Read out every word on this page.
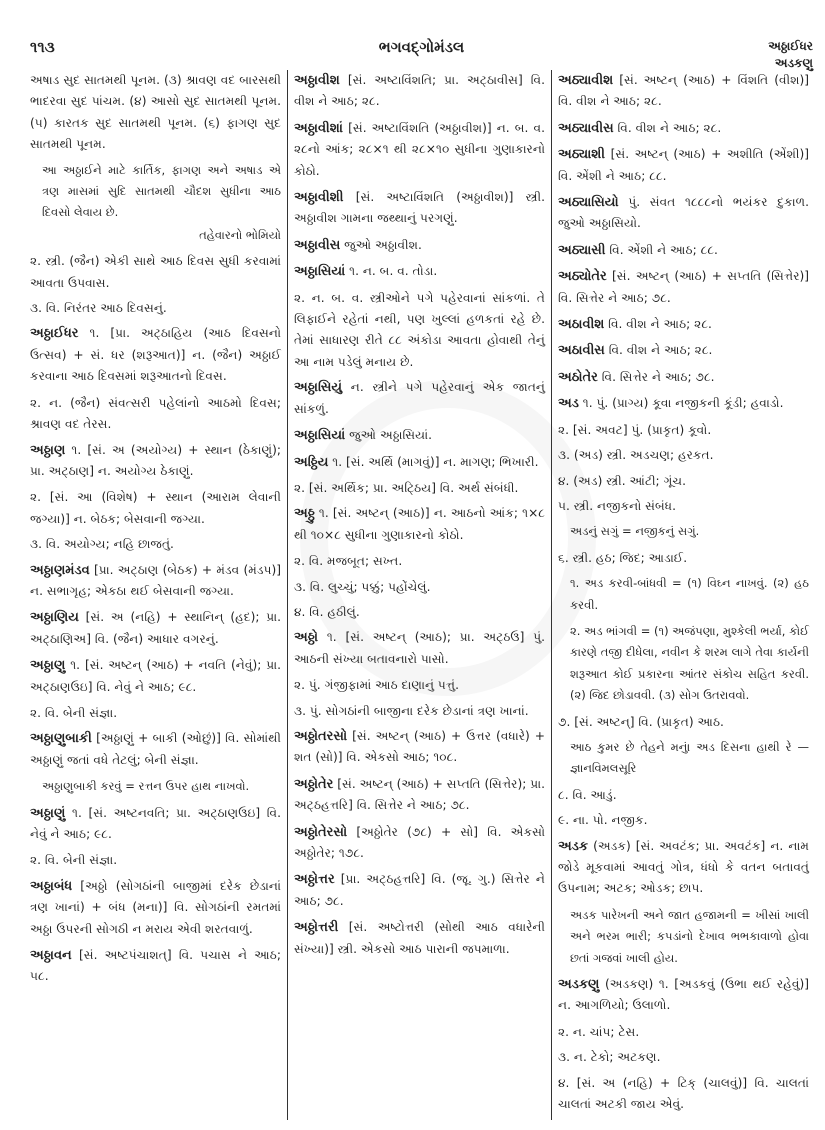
૧૧૩	ભગવદ્ગોમંડલ	અઠ્ઠાઈધર
અડકણુ
અષાડ સુદ સાતમથી પૂનમ. (૩) શ્રાવણ વદ બારસથી ભાદરવા સુદ પાંચમ. (૪) આસો સુદ સાતમથી પૂનમ. (૫) કારતક સુદ સાતમથી પૂનમ. (૬) ફાગણ સુદ સાતમથી પૂનમ.
આ અઠ્ઠાઈને માટે કાર્તિક, ફાગણ અને અષાડ એ ત્રણ માસમાં સુદિ સાતમથી ચૌદશ સુધીના આઠ દિવસો લેવાય છે.
તહેવારનો ભોમિયો
૨. સ્ત્રી. (જૈન) એકી સાથે આઠ દિવસ સુધી કરવામાં આવતા ઉપવાસ.
૩. વિ. નિરંતર આઠ દિવસનું.
અઠ્ઠાઈધર ૧. [પ્રા. અટ્ઠાહિય (આઠ દિવસનો ઉત્સવ) + સં. ધર (શરૂઆત)] ન. (જૈન) અઠ્ઠાઈ કરવાના આઠ દિવસમાં શરૂઆતનો દિવસ.
૨. ન. (જૈન) સંવત્સરી પહેલાંનો આઠમો દિવસ; શ્રાવણ વદ તેરસ.
અઠ્ઠાણ ૧. [સં. અ (અયોગ્ય) + સ્થાન (ઠેકાણું); પ્રા. અટ્ઠાણ] ન. અયોગ્ય ઠેકાણું.
૨. [સં. આ (વિશેષ) + સ્થાન (આરામ લેવાની જગ્યા)] ન. બેઠક; બેસવાની જગ્યા.
૩. વિ. અયોગ્ય; નહિ છાજતું.
અઠ્ઠાણમંડવ [પ્રા. અટ્ઠાણ (બેઠક) + મંડવ (મંડપ)] ન. સભાગૃહ; એકઠા થઈ બેસવાની જગ્યા.
અઠ્ઠાણિય [સં. અ (નહિ) + સ્થાનિન્ (હદ); પ્રા. અટ્ઠાણિઅ] વિ. (જૈન) આધાર વગરનું.
અઠ્ઠાણુ ૧. [સં. અષ્ટન્ (આઠ) + નવતિ (નેવું); પ્રા. અટ્ઠાણઉઇ] વિ. નેવું ને આઠ; ૯૮.
૨. વિ. બેની સંજ્ઞા.
અઠ્ઠાણુબાકી [અઠ્ઠાણું + બાકી (ઓછું)] વિ. સોમાંથી અઠ્ઠાણું જતાં વધે તેટલું; બેની સંજ્ઞા.
અઠ્ઠાણુબાકી કરવું = રત્તન ઉપર હાથ નાખવો.
અઠ્ઠાણું ૧. [સં. અષ્ટનવતિ; પ્રા. અટ્ઠાણઉઇ] વિ. નેવું ને આઠ; ૯૮.
૨. વિ. બેની સંજ્ઞા.
અઠ્ઠાબંધ [અઠ્ઠો (સોગઠાંની બાજીમાં દરેક છેડાનાં ત્રણ ખાનાં) + બંધ (મના)] વિ. સોગઠાંની રમતમાં અઠ્ઠા ઉપરની સોગઠી ન મરાય એવી શરતવાળું.
અઠ્ઠાવન [સં. અષ્ટપંચાશત્] વિ. પચાસ ને આઠ; ૫૮.
અઠ્ઠાવીશ [સં. અષ્ટાવિંશતિ; પ્રા. અટ્ઠાવીસ] વિ. વીશ ને આઠ; ૨૮.
અઠ્ઠાવીશાં [સં. અષ્ટાવિંશતિ (અઠ્ઠાવીશ)] ન. બ. વ. ૨૮નો આંક; ૨૮×૧ થી ૨૮×૧૦ સુધીના ગુણાકારનો કોઠો.
અઠ્ઠાવીશી [સં. અષ્ટાવિંશતિ (અઠ્ઠાવીશ)] સ્ત્રી. અઠ્ઠાવીશ ગામના જથ્થાનું પરગણું.
અઠ્ઠાવીસ જુઓ અઠ્ઠાવીશ.
અઠ્ઠાસિયાં ૧. ન. બ. વ. તોડા.
૨. ન. બ. વ. સ્ત્રીઓને પગે પહેરવાનાં સાંકળાં. તે લિફાઈને રહેતાં નથી, પણ ખુલ્લાં હળકતાં રહે છે. તેમાં સાધારણ રીતે ૮૮ અંકોડા આવતા હોવાથી તેનું આ નામ પડેલું મનાય છે.
અઠ્ઠાસિયું ન. સ્ત્રીને પગે પહેરવાનું એક જાતનું સાંકળું.
અઠ્ઠાસિયાં જુઓ અઠ્ઠાસિયાં.
અઠ્ઠિય ૧. [સં. અર્થિ (માગવું)] ન. માગણ; ભિખારી.
૨. [સં. અર્થિક; પ્રા. અટ્ઠિય] વિ. અર્થ સંબંધી.
અઠ્ઠુ ૧. [સં. અષ્ટન્ (આઠ)] ન. આઠનો આંક; ૧×૮ થી ૧૦×૮ સુધીના ગુણાકારનો કોઠો.
૨. વિ. મજબૂત; સખ્ત.
૩. વિ. લુચ્ચું; પક્કું; પહોંચેલું.
૪. વિ. હઠીલું.
અઠ્ઠો ૧. [સં. અષ્ટન્ (આઠ); પ્રા. અટ્ઠઉ] પું. આઠની સંખ્યા બતાવનારો પાસો.
૨. પું. ગંજીફામાં આઠ દાણાનું પત્તું.
૩. પું. સોગઠાંની બાજીના દરેક છેડાનાં ત્રણ ખાનાં.
અઠ્ઠોતરસો [સં. અષ્ટન્ (આઠ) + ઉત્તર (વધારે) + શત (સો)] વિ. એકસો આઠ; ૧૦૮.
અઠ્ઠોતેર [સં. અષ્ટન્ (આઠ) + સપ્તતિ (સિત્તેર); પ્રા. અટ્ઠહત્તરિ] વિ. સિત્તેર ને આઠ; ૭૮.
અઠ્ઠોતેરસો [અઠ્ઠોતેર (૭૮) + સો] વિ. એકસો અઠ્ઠોતેર; ૧૭૮.
અઠ્ઠોત્તર [પ્રા. અટ્ઠહત્તરિ] વિ. (જૂ. ગુ.) સિત્તેર ને આઠ; ૭૮.
અઠ્ઠોત્તરી [સં. અષ્ટોત્તરી (સોથી આઠ વધારેની સંખ્યા)] સ્ત્રી. એકસો આઠ પારાની જપમાળા.
અઠ્યાવીશ [સં. અષ્ટન્ (આઠ) + વિંશતિ (વીશ)] વિ. વીશ ને આઠ; ૨૮.
અઠ્યાવીસ વિ. વીશ ને આઠ; ૨૮.
અઠ્યાશી [સં. અષ્ટન્ (આઠ) + અશીતિ (એંશી)] વિ. એંશી ને આઠ; ૮૮.
અઠ્યાસિયો પું. સંવત ૧૮૮૮નો ભયંકર દુકાળ. જુઓ અઠ્ઠાસિયો.
અઠ્યાસી વિ. એંશી ને આઠ; ૮૮.
અઠ્યોતેર [સં. અષ્ટન્ (આઠ) + સપ્તતિ (સિત્તેર)] વિ. સિત્તેર ને આઠ; ૭૮.
અઠાવીશ વિ. વીશ ને આઠ; ૨૮.
અઠાવીસ વિ. વીશ ને આઠ; ૨૮.
અઠોતેર વિ. સિત્તેર ને આઠ; ૭૮.
અડ ૧. પું. (પ્રાગ્ય) કૂવા નજીકની કૂંડી; હવાડો.
૨. [સં. અવટ] પું. (પ્રાકૃત) કૂવો.
૩. (અડ) સ્ત્રી. અડચણ; હરકત.
૪. (અડ) સ્ત્રી. આંટી; ગૂંચ.
૫. સ્ત્રી. નજીકનો સંબંધ.
અડનું સગું = નજીકનું સગું.
૬. સ્ત્રી. હઠ; જિદ; આડાઈ.
૧. અડ કરવી-બાંધવી = (૧) વિઘ્ન નાખવું. (૨) હઠ કરવી.
૨. અડ ભાંગવી = (૧) અજંપણા, મુશ્કેલી ભર્યા, કોઈ કારણે તજી દીધેલા, નવીન કે શરમ લાગે તેવા કાર્યની શરૂઆત કોઈ પ્રકારના આંતર સંકોચ સહિત કરવી. (૨) જિદ છોડાવવી. (૩) સોગ ઉતરાવવો.
૭. [સં. અષ્ટન્] વિ. (પ્રાકૃત) આઠ.
આઠ કુમર છે તેહને મનું। અડ દિસના હાથી રે — જ્ઞાનવિમલસૂરિ
૮. વિ. આડું.
૯. ના. પો. નજીક.
અડક (અડક) [સં. અવટંક; પ્રા. અવટંક] ન. નામ જોડે મૂકવામાં આવતું ગોત્ર, ધંધો કે વતન બતાવતું ઉપનામ; અટક; ઓડક; છાપ.
અડક પારેખની અને જાત હજામની = ખીસાં ખાલી અને ભરમ ભારી; કપડાંનો દેખાવ ભભકાવાળો હોવા છતાં ગજવાં ખાલી હોય.
અડકણુ (અડકણ) ૧. [અડકવું (ઉભા થઈ રહેવું)] ન. આગળિયો; ઉલાળો.
૨. ન. ચાંપ; ટેસ.
૩. ન. ટેકો; અટકણ.
૪. [સં. અ (નહિ) + ટિક્ (ચાલવું)] વિ. ચાલતાં ચાલતાં અટકી જાય એવું.
